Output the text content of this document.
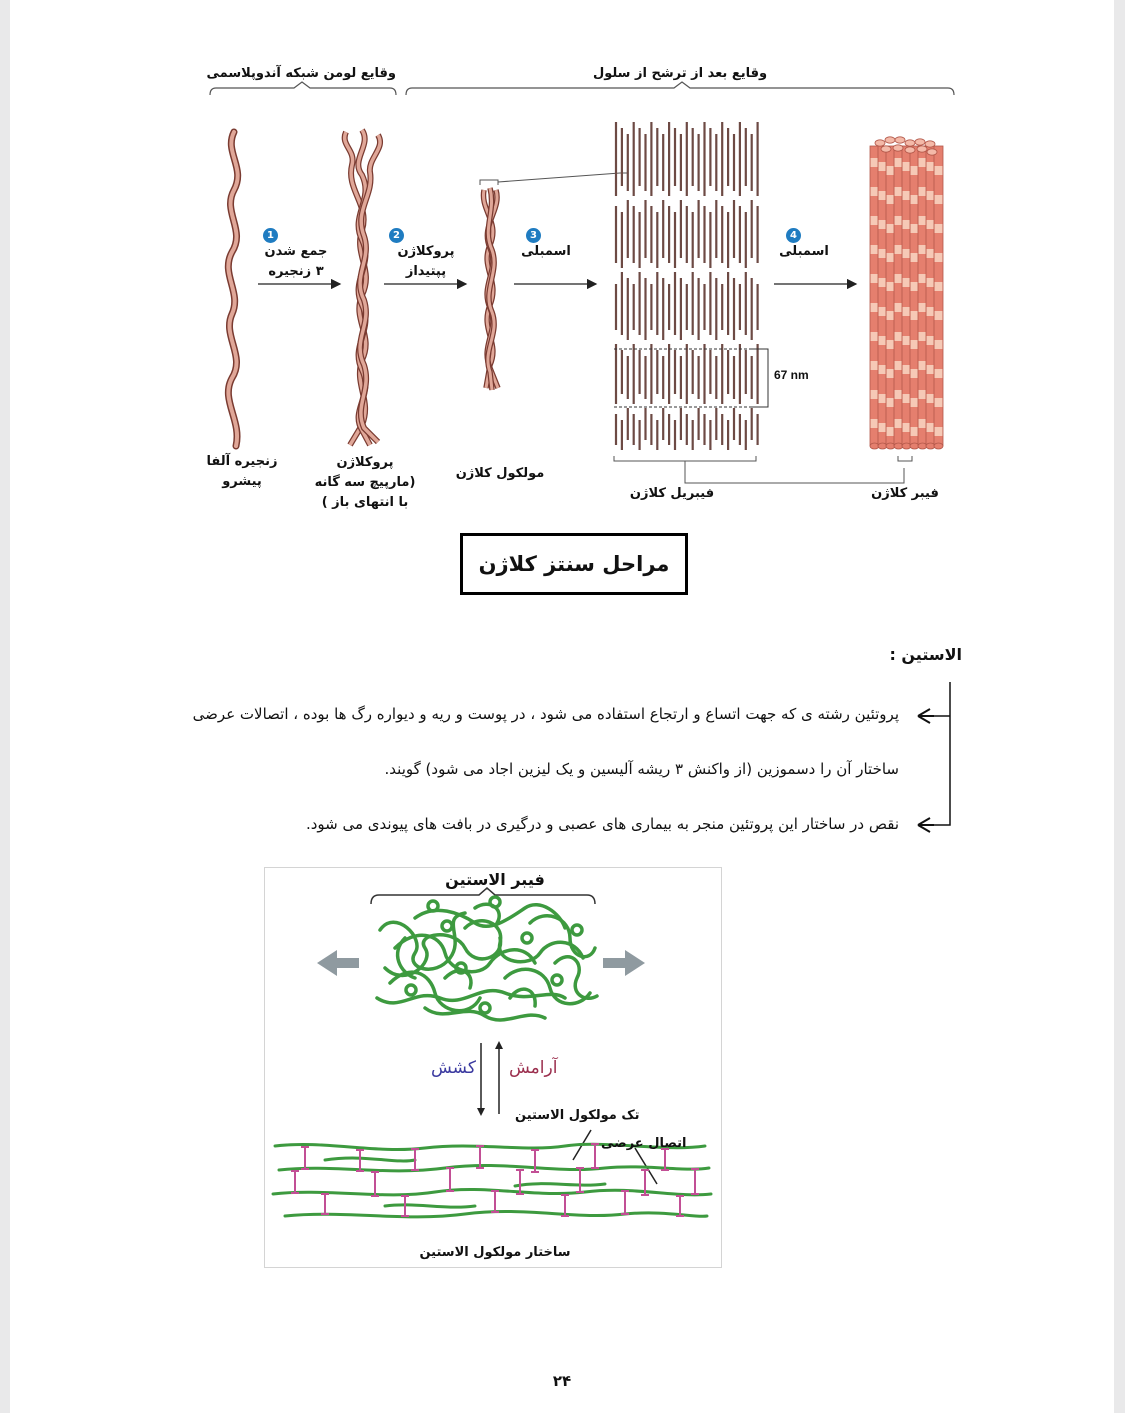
وقایع لومن شبکه آندوپلاسمی	وقایع بعد از ترشح از سلول
1
جمع شدن
۳ زنجیره
2
پروکلاژن
پپتیداز
3
اسمبلی
4
اسمبلی
67 nm
زنجیره آلفا
پیشرو
پروکلاژن
(مارپیچ سه گانه
با انتهای باز )
مولکول کلاژن
فیبریل کلاژن	فیبر کلاژن
مراحل سنتز کلاژن
الاستین :
پروتئین رشته ی که جهت اتساع و ارتجاع استفاده می شود ، در پوست و ریه و دیواره رگ ها بوده ، اتصالات عرضی
ساختار آن را دسموزین (از واکنش ۳ ریشه آلیسین و یک لیزین اجاد می شود) گویند.
نقص در ساختار این پروتئین منجر به بیماری های عصبی و درگیری در بافت های پیوندی می شود.
فیبر الاستین
آرامش
کشش
تک مولکول الاستین
اتصال عرضی
ساختار مولکول الاستین
۲۴
